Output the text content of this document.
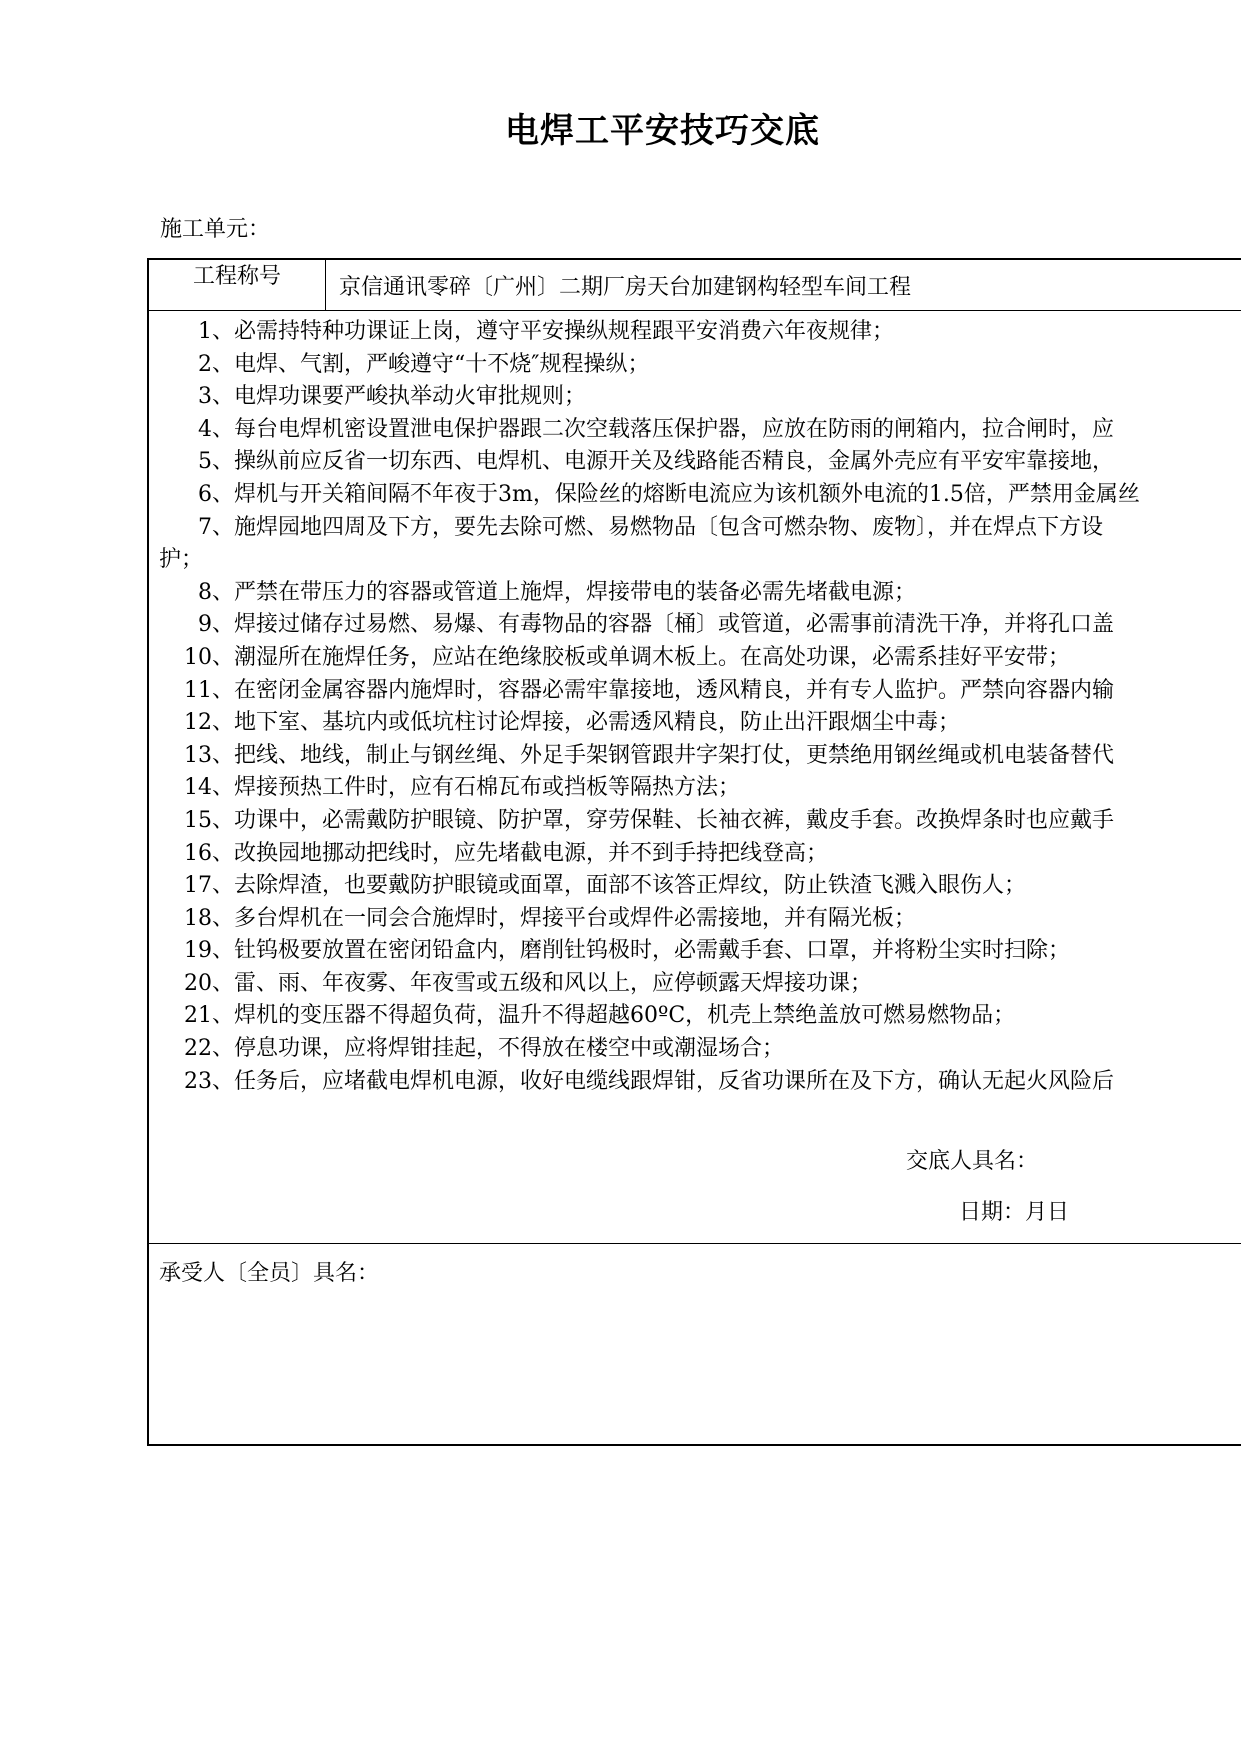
电焊工平安技巧交底
施工单元：
工程称号	京信通讯零碎〔广州〕二期厂房天台加建钢构轻型车间工程
1、必需持特种功课证上岗，遵守平安操纵规程跟平安消费六年夜规律；
2、电焊、气割，严峻遵守“十不烧″规程操纵；
3、电焊功课要严峻执举动火审批规则；
4、每台电焊机密设置泄电保护器跟二次空载落压保护器，应放在防雨的闸箱内，拉合闸时，应
5、操纵前应反省一切东西、电焊机、电源开关及线路能否精良，金属外壳应有平安牢靠接地，
6、焊机与开关箱间隔不年夜于3m，保险丝的熔断电流应为该机额外电流的1.5倍，严禁用金属丝
7、施焊园地四周及下方，要先去除可燃、易燃物品〔包含可燃杂物、废物〕，并在焊点下方设
护；
8、严禁在带压力的容器或管道上施焊，焊接带电的装备必需先堵截电源；
9、焊接过储存过易燃、易爆、有毒物品的容器〔桶〕或管道，必需事前清洗干净，并将孔口盖
10、潮湿所在施焊任务，应站在绝缘胶板或单调木板上。在高处功课，必需系挂好平安带；
11、在密闭金属容器内施焊时，容器必需牢靠接地，透风精良，并有专人监护。严禁向容器内输
12、地下室、基坑内或低坑柱讨论焊接，必需透风精良，防止出汗跟烟尘中毒；
13、把线、地线，制止与钢丝绳、外足手架钢管跟井字架打仗，更禁绝用钢丝绳或机电装备替代
14、焊接预热工件时，应有石棉瓦布或挡板等隔热方法；
15、功课中，必需戴防护眼镜、防护罩，穿劳保鞋、长袖衣裤，戴皮手套。改换焊条时也应戴手
16、改换园地挪动把线时，应先堵截电源，并不到手持把线登高；
17、去除焊渣，也要戴防护眼镜或面罩，面部不该答正焊纹，防止铁渣飞溅入眼伤人；
18、多台焊机在一同会合施焊时，焊接平台或焊件必需接地，并有隔光板；
19、钍钨极要放置在密闭铅盒内，磨削钍钨极时，必需戴手套、口罩，并将粉尘实时扫除；
20、雷、雨、年夜雾、年夜雪或五级和风以上，应停顿露天焊接功课；
21、焊机的变压器不得超负荷，温升不得超越60ºC，机壳上禁绝盖放可燃易燃物品；
22、停息功课，应将焊钳挂起，不得放在楼空中或潮湿场合；
23、任务后，应堵截电焊机电源，收好电缆线跟焊钳，反省功课所在及下方，确认无起火风险后
交底人具名：
日期：月日
承受人〔全员〕具名：
